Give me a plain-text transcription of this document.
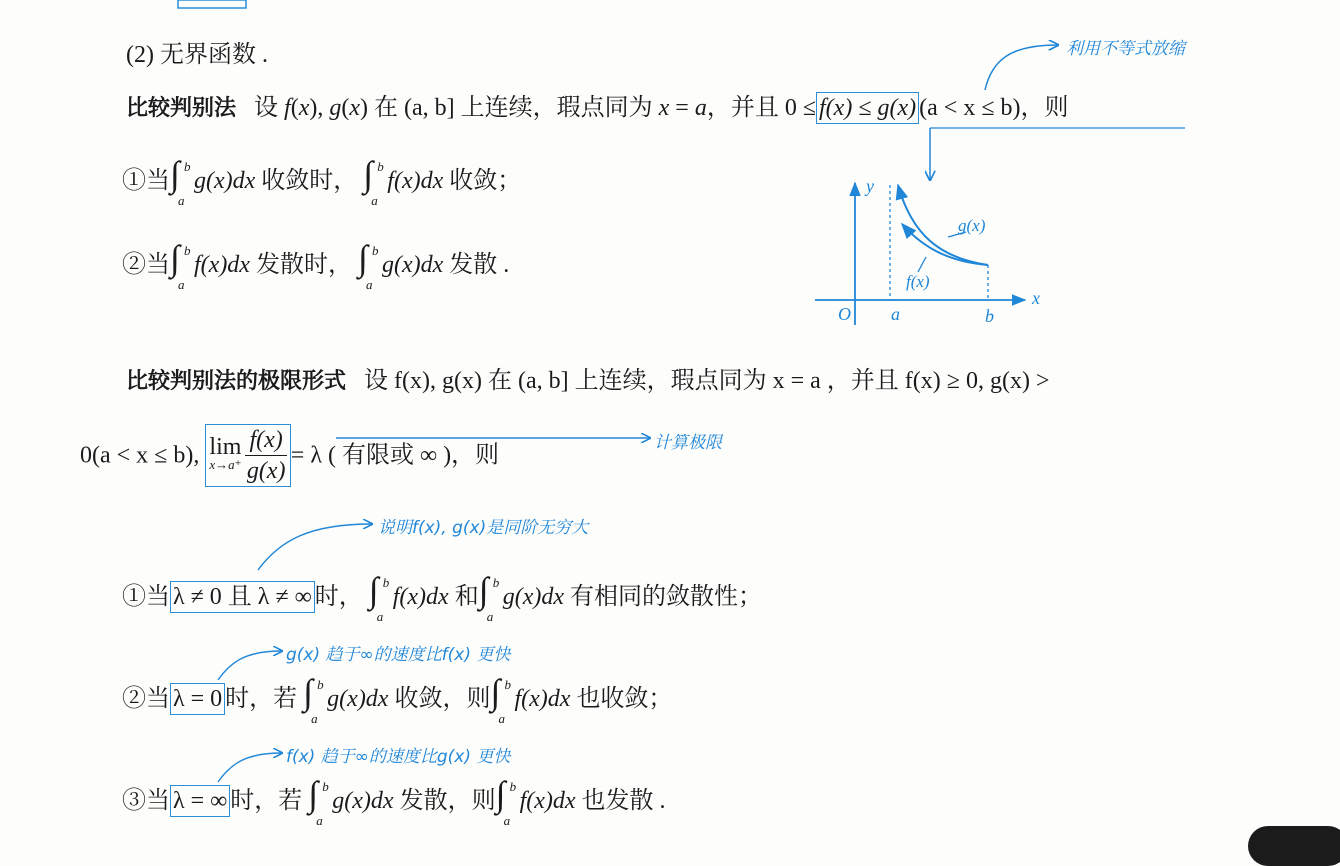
y
x
O a	b
g(x)
f(x)
利用不等式放缩
计算极限
说明f(x), g(x)是同阶无穷大
g(x) 趋于∞的速度比f(x) 更快
f(x) 趋于∞的速度比g(x) 更快
(2) 无界函数 .
比较判别法 设 f(x), g(x) 在 (a, b] 上连续，瑕点同为 x = a，并且 0 ≤ f(x) ≤ g(x) (a < x ≤ b)，则
①当 ∫ b
a
g(x)dx 收敛时， ∫ b
a
f(x)dx 收敛；
②当 ∫ b
a
f(x)dx 发散时， ∫ b
a
g(x)dx 发散 .
比较判别法的极限形式 设 f(x), g(x) 在 (a, b] 上连续，瑕点同为 x = a ，并且 f(x) ≥ 0, g(x) >
0(a < x ≤ b), lim
$x\to a^+ \frac{f(x)}{g(x)} = \lambda$ ( 有限或 ∞ )，则
①当 λ ≠ 0 且 λ ≠ ∞ 时， ∫ b
a
f(x)dx 和 ∫ b
a
g(x)dx 有相同的敛散性；
②当 λ = 0 时，若 ∫ b
a
g(x)dx 收敛，则 ∫ b
a
f(x)dx 也收敛；
③当 λ = ∞ 时，若 ∫ b
a
g(x)dx 发散，则 ∫ b
a
f(x)dx 也发散 .
